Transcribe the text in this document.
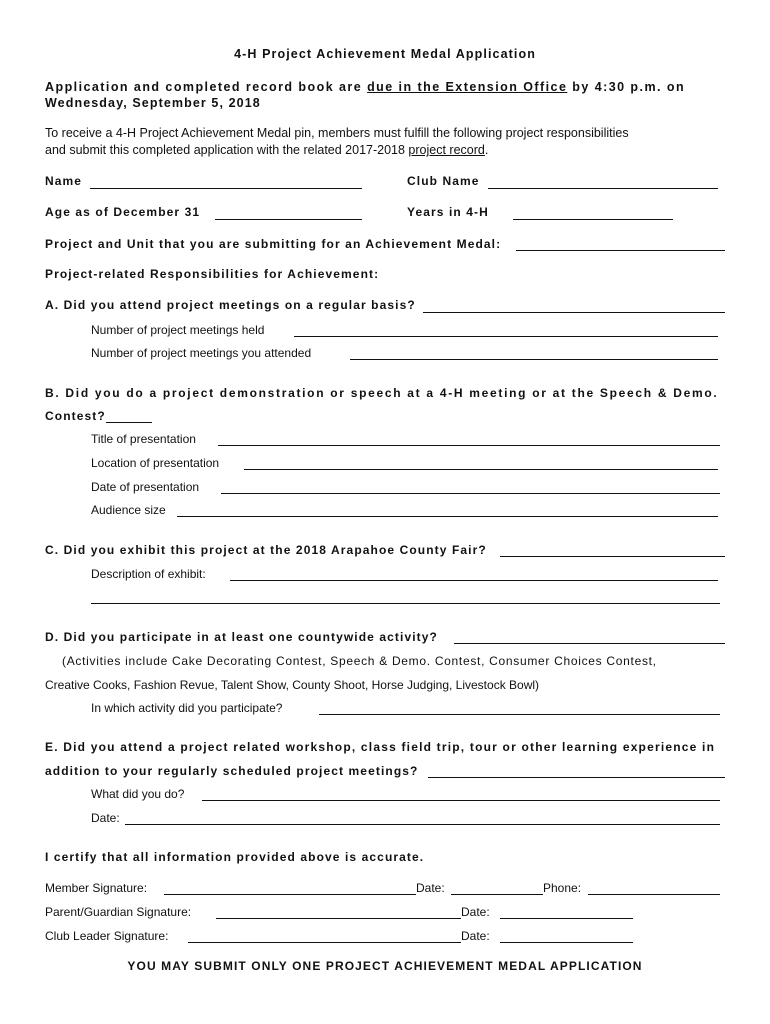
4-H Project Achievement Medal Application
Application and completed record book are due in the Extension Office by 4:30 p.m. on
Wednesday, September 5, 2018
To receive a 4-H Project Achievement Medal pin, members must fulfill the following project responsibilities
and submit this completed application with the related 2017-2018 project record.
Name	Club Name
Age as of December 31	Years in 4-H
Project and Unit that you are submitting for an Achievement Medal:
Project-related Responsibilities for Achievement:
A. Did you attend project meetings on a regular basis?
Number of project meetings held
Number of project meetings you attended
B. Did you do a project demonstration or speech at a 4-H meeting or at the Speech & Demo.
Contest?
Title of presentation
Location of presentation
Date of presentation
Audience size
C. Did you exhibit this project at the 2018 Arapahoe County Fair?
Description of exhibit:
D. Did you participate in at least one countywide activity?
(Activities include Cake Decorating Contest, Speech & Demo. Contest, Consumer Choices Contest,
Creative Cooks, Fashion Revue, Talent Show, County Shoot, Horse Judging, Livestock Bowl)
In which activity did you participate?
E. Did you attend a project related workshop, class field trip, tour or other learning experience in
addition to your regularly scheduled project meetings?
What did you do?
Date:
I certify that all information provided above is accurate.
Member Signature:	Date:	Phone:
Parent/Guardian Signature:	Date:
Club Leader Signature:	Date:
YOU MAY SUBMIT ONLY ONE PROJECT ACHIEVEMENT MEDAL APPLICATION
